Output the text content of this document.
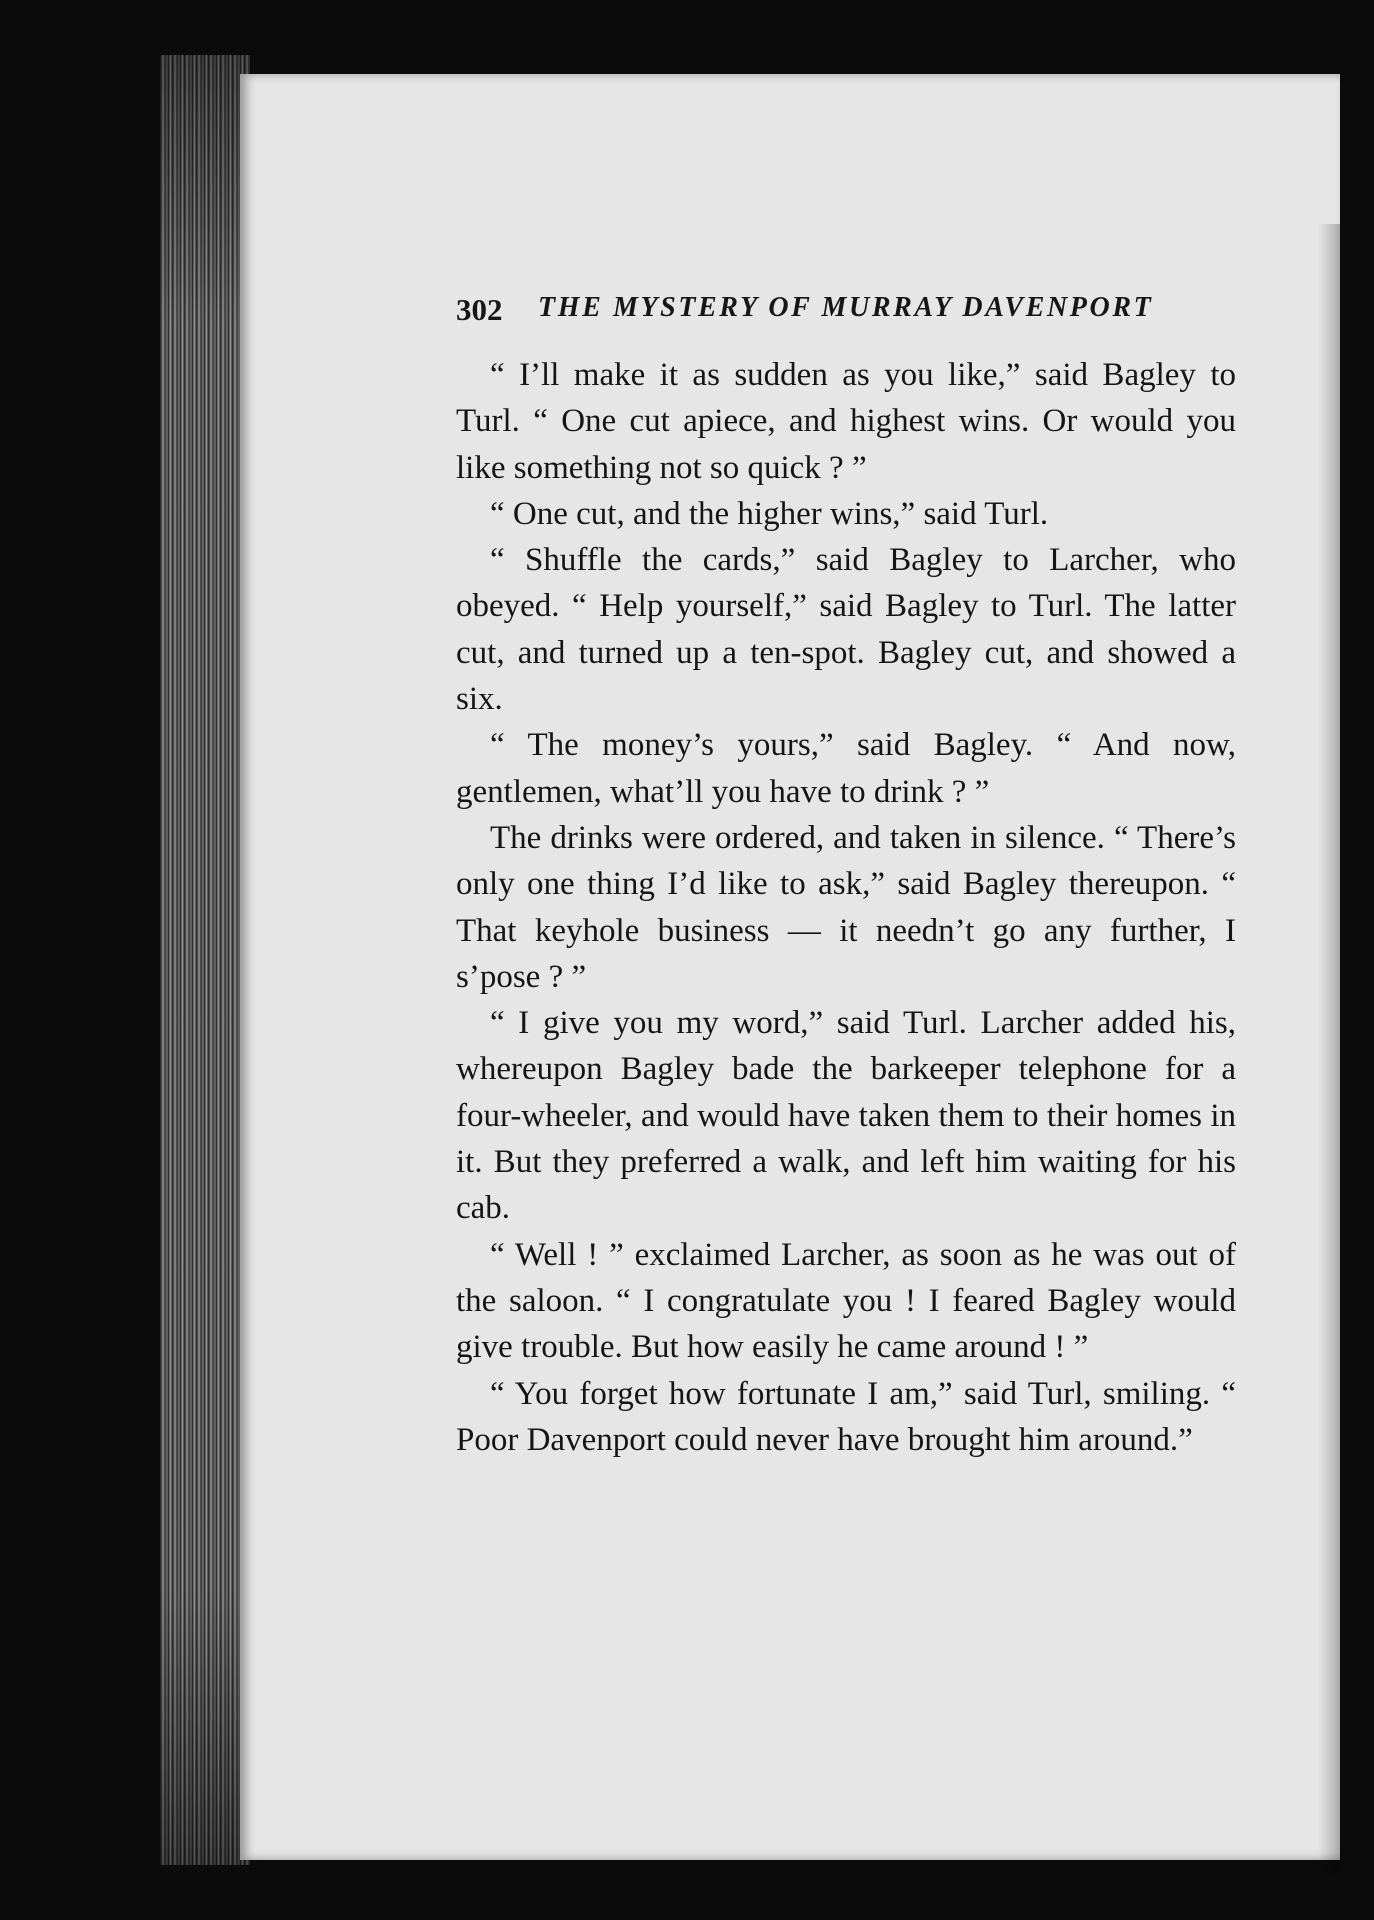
302 THE MYSTERY OF MURRAY DAVENPORT

“ I’ll make it as sudden as you like,” said Bagley to Turl. “ One cut apiece, and highest wins. Or would you like something not so quick ? ”

“ One cut, and the higher wins,” said Turl.

“ Shuffle the cards,” said Bagley to Larcher, who obeyed. “ Help yourself,” said Bagley to Turl. The latter cut, and turned up a ten-spot. Bagley cut, and showed a six.

“ The money’s yours,” said Bagley. “ And now, gentlemen, what’ll you have to drink ? ”

The drinks were ordered, and taken in silence. “ There’s only one thing I’d like to ask,” said Bagley thereupon. “ That keyhole business — it needn’t go any further, I s’pose ? ”

“ I give you my word,” said Turl. Larcher added his, whereupon Bagley bade the barkeeper telephone for a four-wheeler, and would have taken them to their homes in it. But they preferred a walk, and left him waiting for his cab.

“ Well ! ” exclaimed Larcher, as soon as he was out of the saloon. “ I congratulate you ! I feared Bagley would give trouble. But how easily he came around ! ”

“ You forget how fortunate I am,” said Turl, smiling. “ Poor Davenport could never have brought him around.”
